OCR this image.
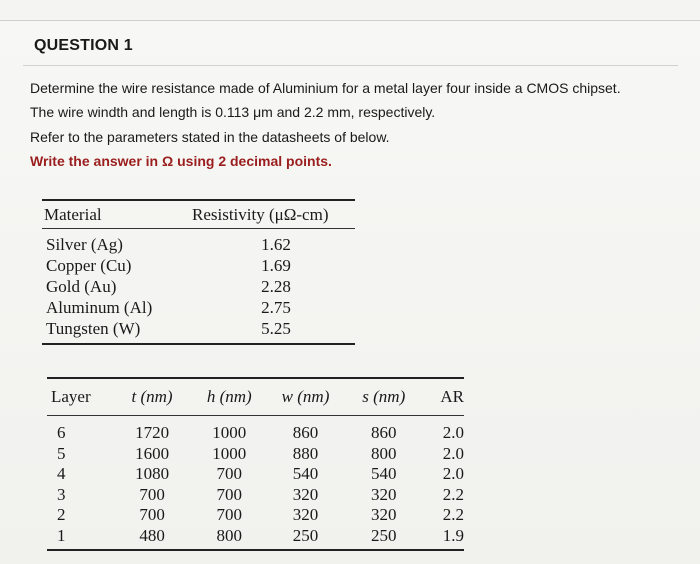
QUESTION 1
Determine the wire resistance made of Aluminium for a metal layer four inside a CMOS chipset.
The wire windth and length is 0.113 μm and 2.2 mm, respectively.
Refer to the parameters stated in the datasheets of below.
Write the answer in Ω using 2 decimal points.
Material	Resistivity (μΩ-cm)
Silver (Ag)	1.62
Copper (Cu)	1.69
Gold (Au)	2.28
Aluminum (Al)	2.75
Tungsten (W)	5.25
Layer	t (nm)	h (nm)	w (nm)	s (nm)	AR
6	1720	1000	860	860	2.0
5	1600	1000	880	800	2.0
4	1080	700	540	540	2.0
3	700	700	320	320	2.2
2	700	700	320	320	2.2
1	480	800	250	250	1.9
